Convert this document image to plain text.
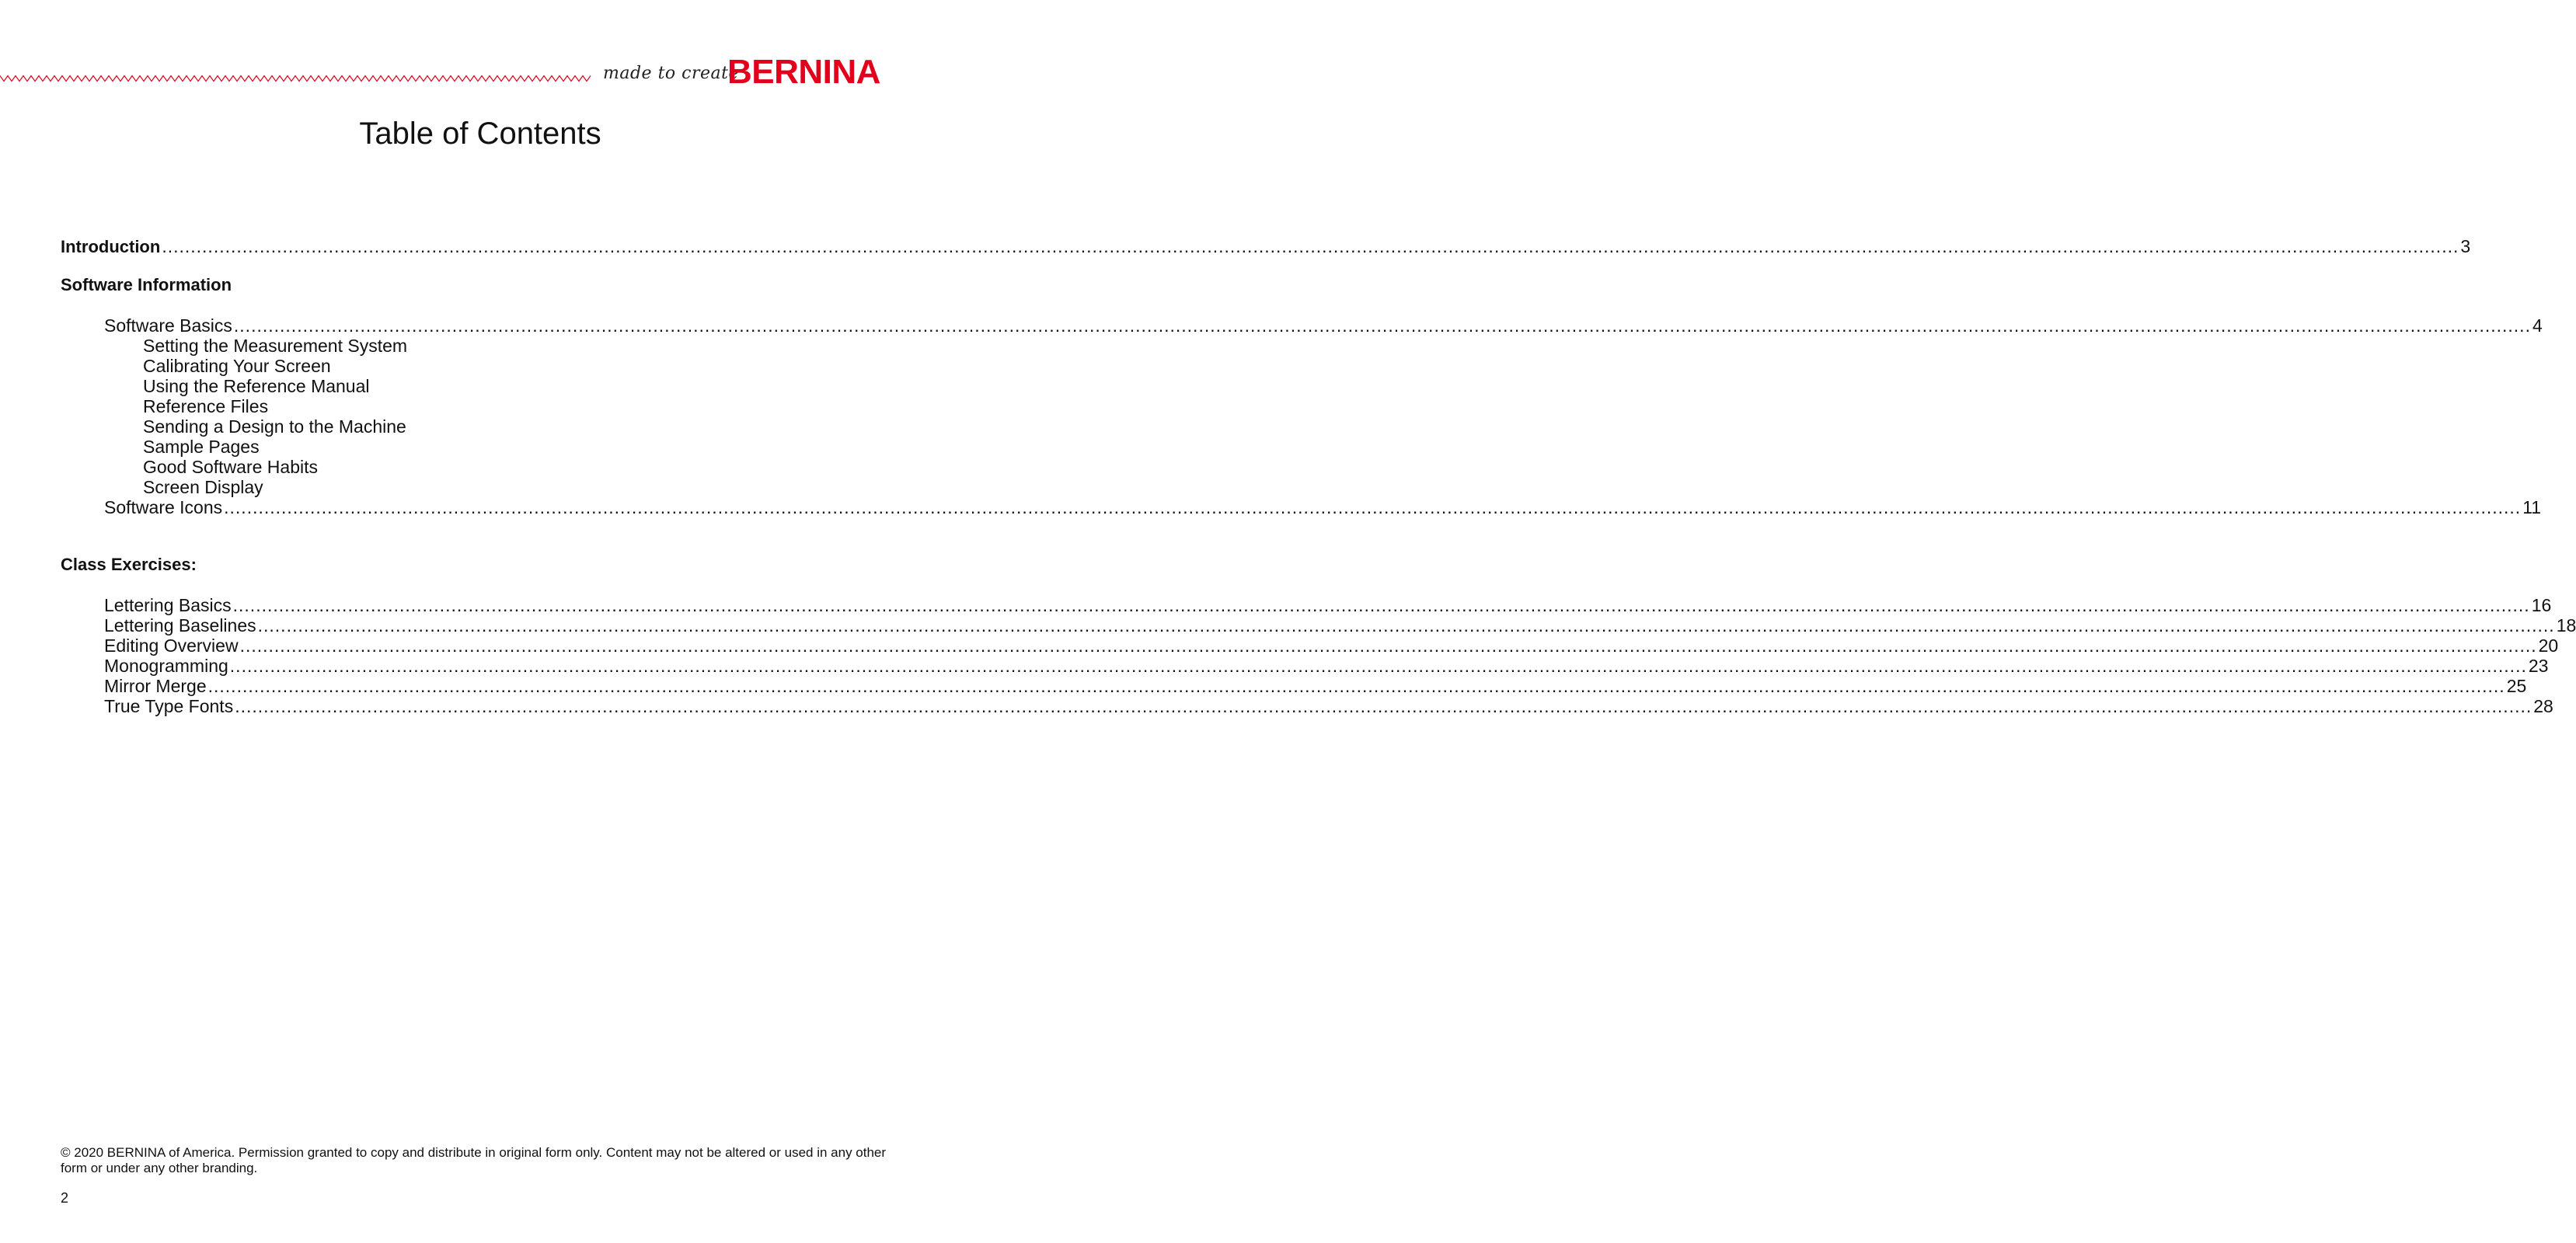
made to create
BERNINA
Table of Contents
Introduction ................................................................................................................................................................................................................................................................................................................................................................................................................ 3
Software Information
Software Basics ................................................................................................................................................................................................................................................................................................................................................................................................................ 4
Setting the Measurement System
Calibrating Your Screen
Using the Reference Manual
Reference Files
Sending a Design to the Machine
Sample Pages
Good Software Habits
Screen Display
Software Icons ................................................................................................................................................................................................................................................................................................................................................................................................................ 11
Class Exercises:
Lettering Basics ................................................................................................................................................................................................................................................................................................................................................................................................................ 16
Lettering Baselines ................................................................................................................................................................................................................................................................................................................................................................................................................ 18
Editing Overview ................................................................................................................................................................................................................................................................................................................................................................................................................ 20
Monogramming ................................................................................................................................................................................................................................................................................................................................................................................................................ 23
Mirror Merge ................................................................................................................................................................................................................................................................................................................................................................................................................ 25
True Type Fonts ................................................................................................................................................................................................................................................................................................................................................................................................................ 28
© 2020 BERNINA of America. Permission granted to copy and distribute in original form only. Content may not be altered or used in any other form or under any other branding.
2
